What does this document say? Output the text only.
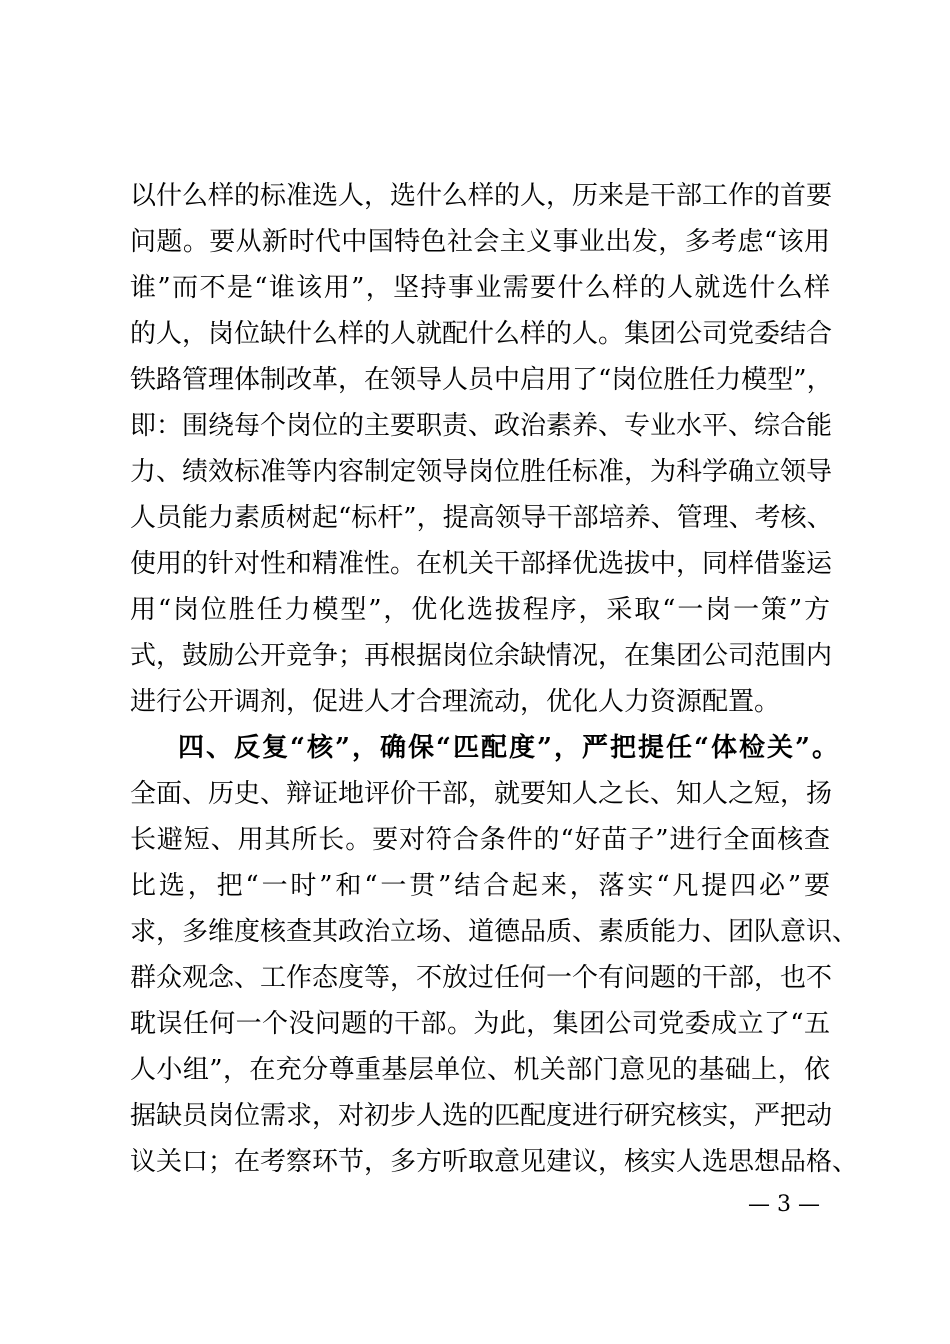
以什么样的标准选人，选什么样的人，历来是干部工作的首要
问题。要从新时代中国特色社会主义事业出发，多考虑“该用
谁”而不是“谁该用”，坚持事业需要什么样的人就选什么样
的人，岗位缺什么样的人就配什么样的人。集团公司党委结合
铁路管理体制改革，在领导人员中启用了“岗位胜任力模型”，
即：围绕每个岗位的主要职责、政治素养、专业水平、综合能
力、绩效标准等内容制定领导岗位胜任标准，为科学确立领导
人员能力素质树起“标杆”，提高领导干部培养、管理、考核、
使用的针对性和精准性。在机关干部择优选拔中，同样借鉴运
用“岗位胜任力模型”，优化选拔程序，采取“一岗一策”方
式，鼓励公开竞争；再根据岗位余缺情况，在集团公司范围内
进行公开调剂，促进人才合理流动，优化人力资源配置。
四、反复“核”，确保“匹配度”，严把提任“体检关”。
全面、历史、辩证地评价干部，就要知人之长、知人之短，扬
长避短、用其所长。要对符合条件的“好苗子”进行全面核查
比选，把“一时”和“一贯”结合起来，落实“凡提四必”要
求，多维度核查其政治立场、道德品质、素质能力、团队意识、
群众观念、工作态度等，不放过任何一个有问题的干部，也不
耽误任何一个没问题的干部。为此，集团公司党委成立了“五
人小组”，在充分尊重基层单位、机关部门意见的基础上，依
据缺员岗位需求，对初步人选的匹配度进行研究核实，严把动
议关口；在考察环节，多方听取意见建议，核实人选思想品格、
— 3 —
